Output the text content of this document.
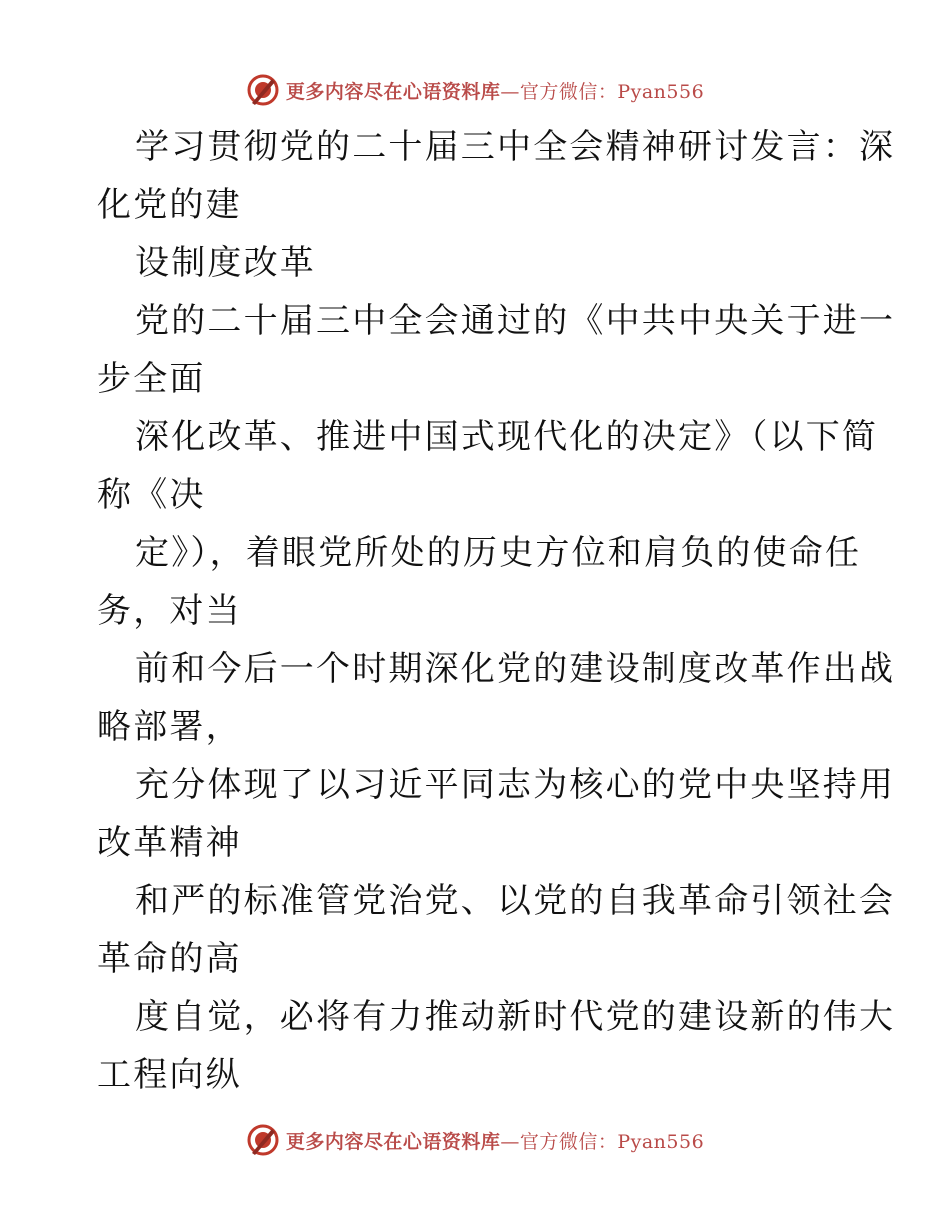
更多内容尽在心语资料库—官方微信：Pyan556
学习贯彻党的二十届三中全会精神研讨发言：深
化党的建
设制度改革
党的二十届三中全会通过的《中共中央关于进一
步全面
深化改革、推进中国式现代化的决定》（以下简
称《决
定》），着眼党所处的历史方位和肩负的使命任
务，对当
前和今后一个时期深化党的建设制度改革作出战
略部署，
充分体现了以习近平同志为核心的党中央坚持用
改革精神
和严的标准管党治党、以党的自我革命引领社会
革命的高
度自觉，必将有力推动新时代党的建设新的伟大
工程向纵
更多内容尽在心语资料库—官方微信：Pyan556
